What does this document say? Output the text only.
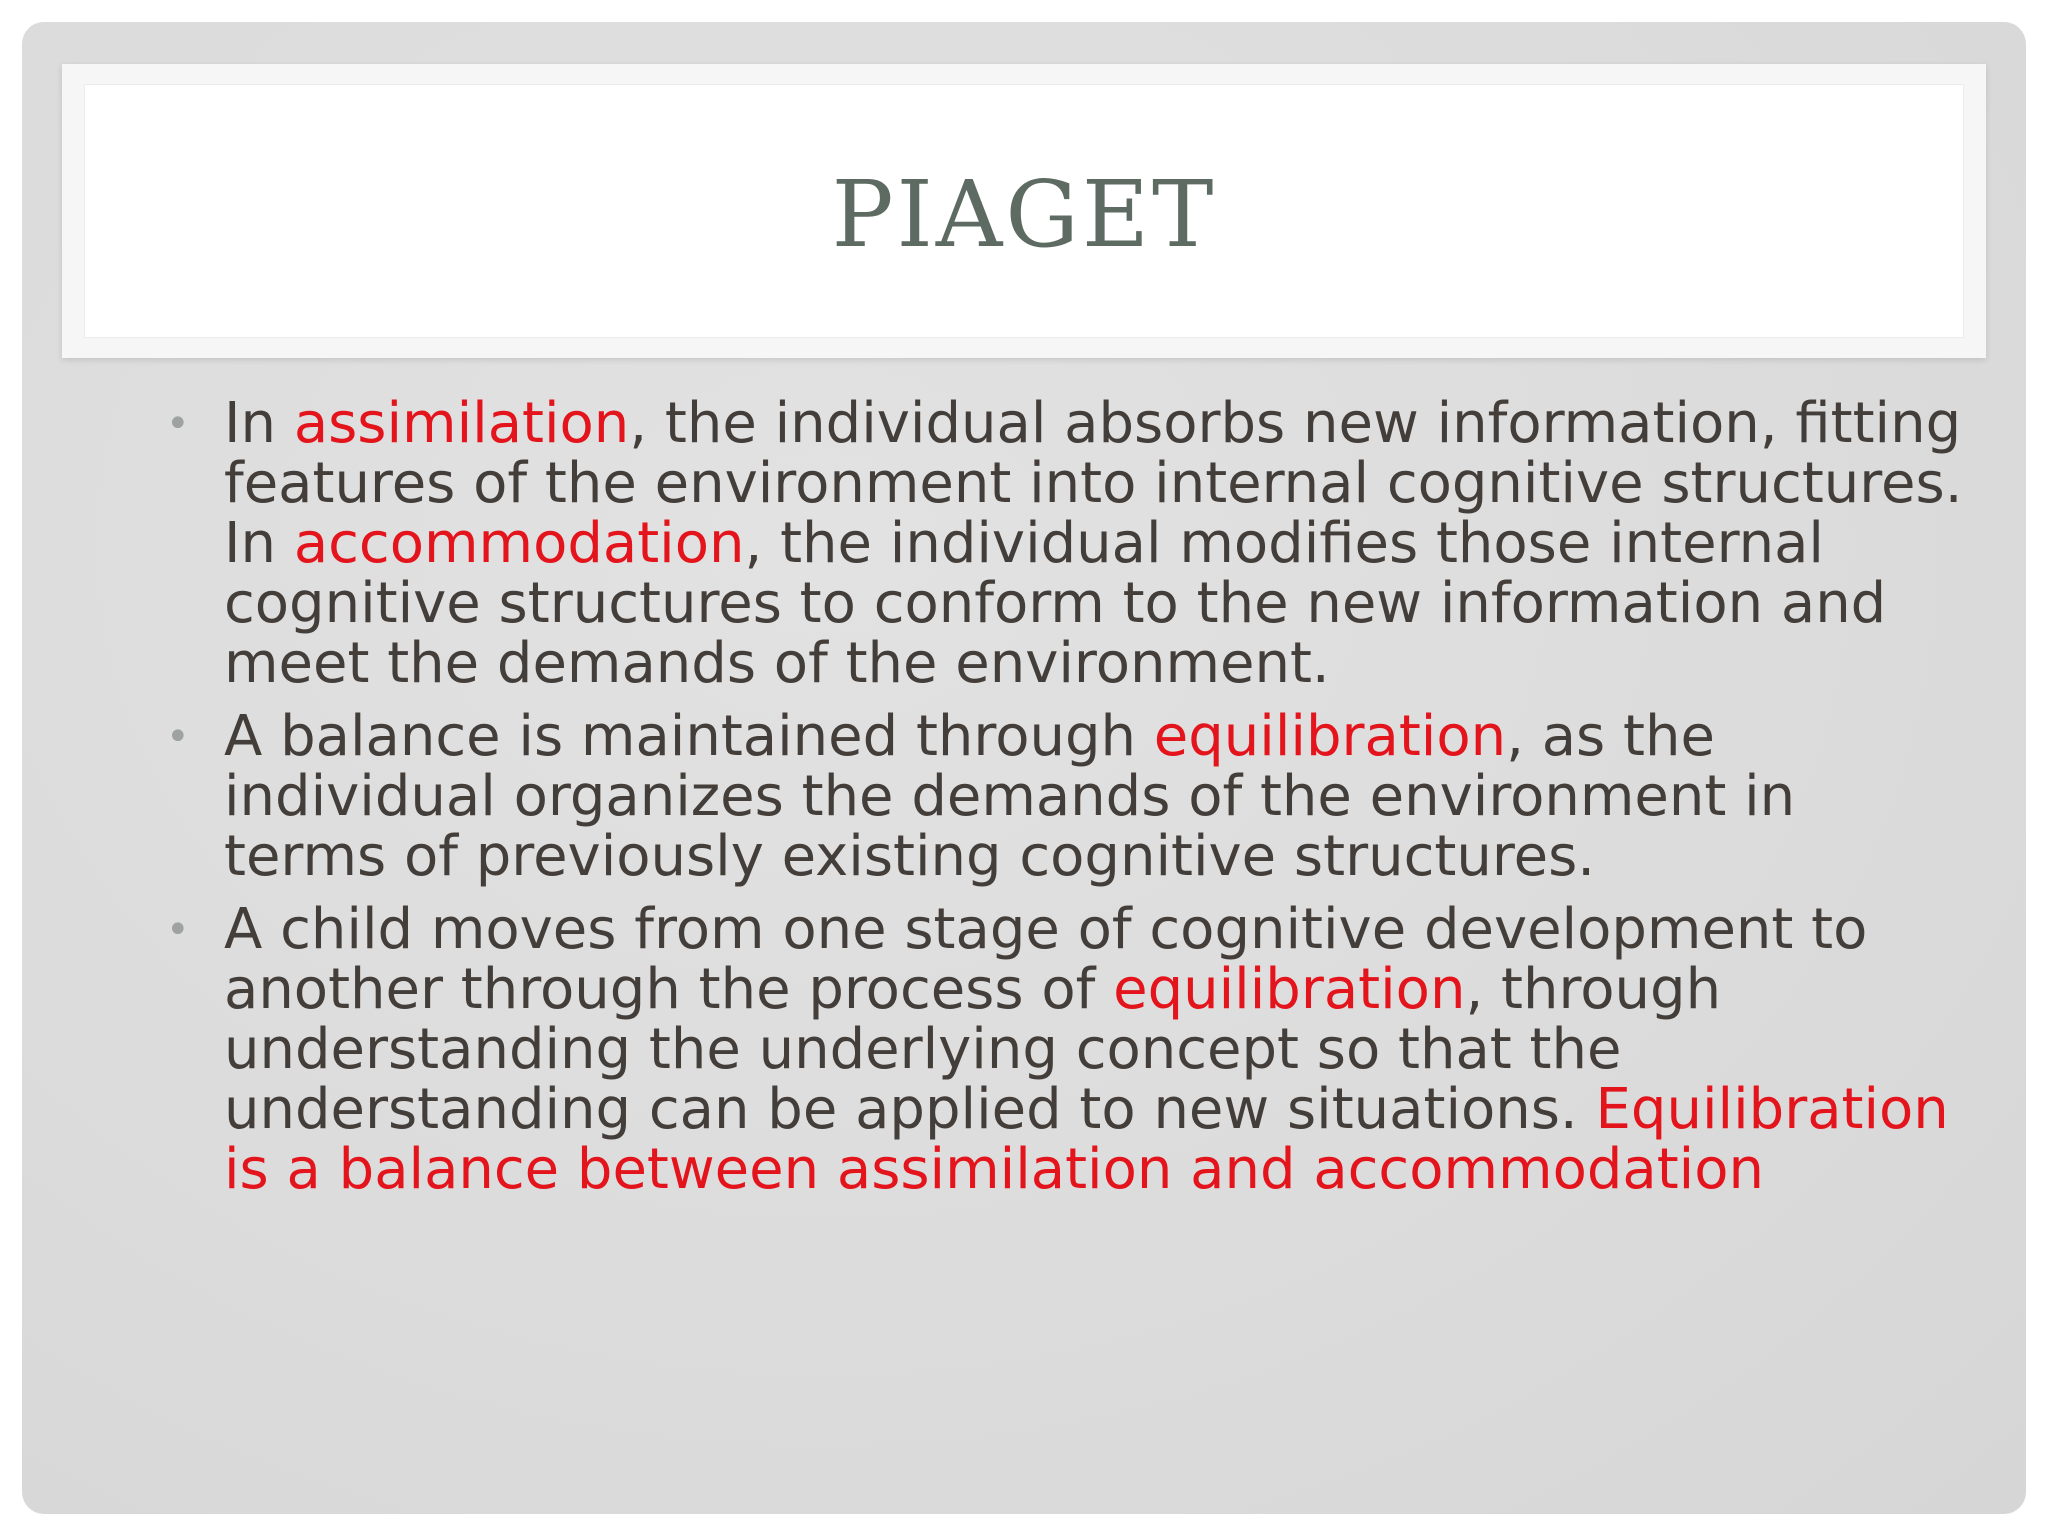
PIAGET
• In assimilation, the individual absorbs new information, fitting features of the environment into internal cognitive structures. In accommodation, the individual modifies those internal cognitive structures to conform to the new information and meet the demands of the environment.
• A balance is maintained through equilibration, as the individual organizes the demands of the environment in terms of previously existing cognitive structures.
• A child moves from one stage of cognitive development to another through the process of equilibration, through understanding the underlying concept so that the understanding can be applied to new situations. Equilibration is a balance between assimilation and accommodation
